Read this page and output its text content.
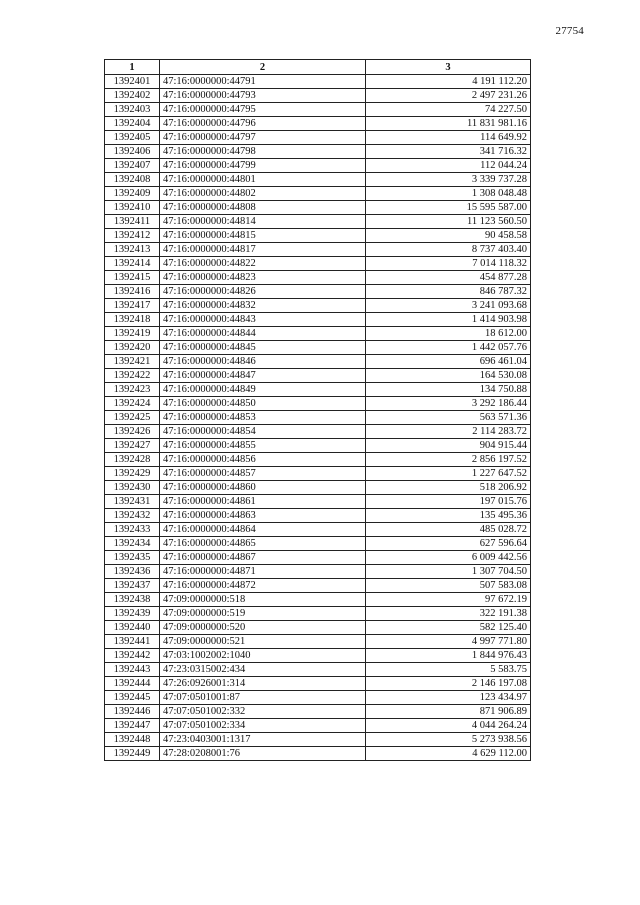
27754
1	2	3
1392401	47:16:0000000:44791	4 191 112.20
1392402	47:16:0000000:44793	2 497 231.26
1392403	47:16:0000000:44795	74 227.50
1392404	47:16:0000000:44796	11 831 981.16
1392405	47:16:0000000:44797	114 649.92
1392406	47:16:0000000:44798	341 716.32
1392407	47:16:0000000:44799	112 044.24
1392408	47:16:0000000:44801	3 339 737.28
1392409	47:16:0000000:44802	1 308 048.48
1392410	47:16:0000000:44808	15 595 587.00
1392411	47:16:0000000:44814	11 123 560.50
1392412	47:16:0000000:44815	90 458.58
1392413	47:16:0000000:44817	8 737 403.40
1392414	47:16:0000000:44822	7 014 118.32
1392415	47:16:0000000:44823	454 877.28
1392416	47:16:0000000:44826	846 787.32
1392417	47:16:0000000:44832	3 241 093.68
1392418	47:16:0000000:44843	1 414 903.98
1392419	47:16:0000000:44844	18 612.00
1392420	47:16:0000000:44845	1 442 057.76
1392421	47:16:0000000:44846	696 461.04
1392422	47:16:0000000:44847	164 530.08
1392423	47:16:0000000:44849	134 750.88
1392424	47:16:0000000:44850	3 292 186.44
1392425	47:16:0000000:44853	563 571.36
1392426	47:16:0000000:44854	2 114 283.72
1392427	47:16:0000000:44855	904 915.44
1392428	47:16:0000000:44856	2 856 197.52
1392429	47:16:0000000:44857	1 227 647.52
1392430	47:16:0000000:44860	518 206.92
1392431	47:16:0000000:44861	197 015.76
1392432	47:16:0000000:44863	135 495.36
1392433	47:16:0000000:44864	485 028.72
1392434	47:16:0000000:44865	627 596.64
1392435	47:16:0000000:44867	6 009 442.56
1392436	47:16:0000000:44871	1 307 704.50
1392437	47:16:0000000:44872	507 583.08
1392438	47:09:0000000:518	97 672.19
1392439	47:09:0000000:519	322 191.38
1392440	47:09:0000000:520	582 125.40
1392441	47:09:0000000:521	4 997 771.80
1392442	47:03:1002002:1040	1 844 976.43
1392443	47:23:0315002:434	5 583.75
1392444	47:26:0926001:314	2 146 197.08
1392445	47:07:0501001:87	123 434.97
1392446	47:07:0501002:332	871 906.89
1392447	47:07:0501002:334	4 044 264.24
1392448	47:23:0403001:1317	5 273 938.56
1392449	47:28:0208001:76	4 629 112.00
